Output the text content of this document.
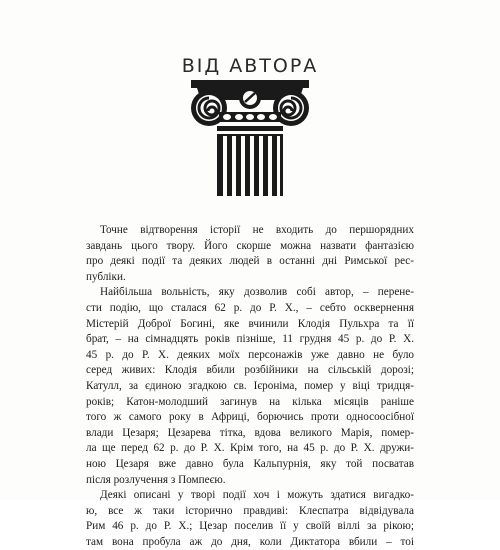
ВІД АВТОРА
Точне відтворення історії не входить до першорядних
завдань цього твору. Його скорше можна назвати фантазією
про деякі події та деяких людей в останні дні Римської рес-
публіки.
Найбільша вольність, яку дозволив собі автор, – перене-
сти подію, що сталася 62 р. до Р. Х., – себто осквернення
Містерій Доброї Богині, яке вчинили Клодія Пульхра та її
брат, – на сімнадцять років пізніше, 11 грудня 45 р. до Р. Х.
45 р. до Р. Х. деяких моїх персонажів уже давно не було
серед живих: Клодія вбили розбійники на сільській дорозі;
Катулл, за єдиною згадкою св. Ієроніма, помер у віці тридця-
років; Катон-молодший загинув на кілька місяців раніше
того ж самого року в Африці, борючись проти односоосібної
влади Цезаря; Цезарева тітка, вдова великого Марія, помер-
ла ще перед 62 р. до Р. Х. Крім того, на 45 р. до Р. Х. дружи-
ною Цезаря вже давно була Кальпурнія, яку той посватав
після розлучення з Помпеєю.
Деякі описані у творі події хоч і можуть здатися вигадко-
ю, все ж таки історично правдиві: Клеспатра відвідувала
Рим 46 р. до Р. Х.; Цезар поселив її у своїй віллі за рікою;
там вона пробула аж до дня, коли Диктатора вбили – тоі
